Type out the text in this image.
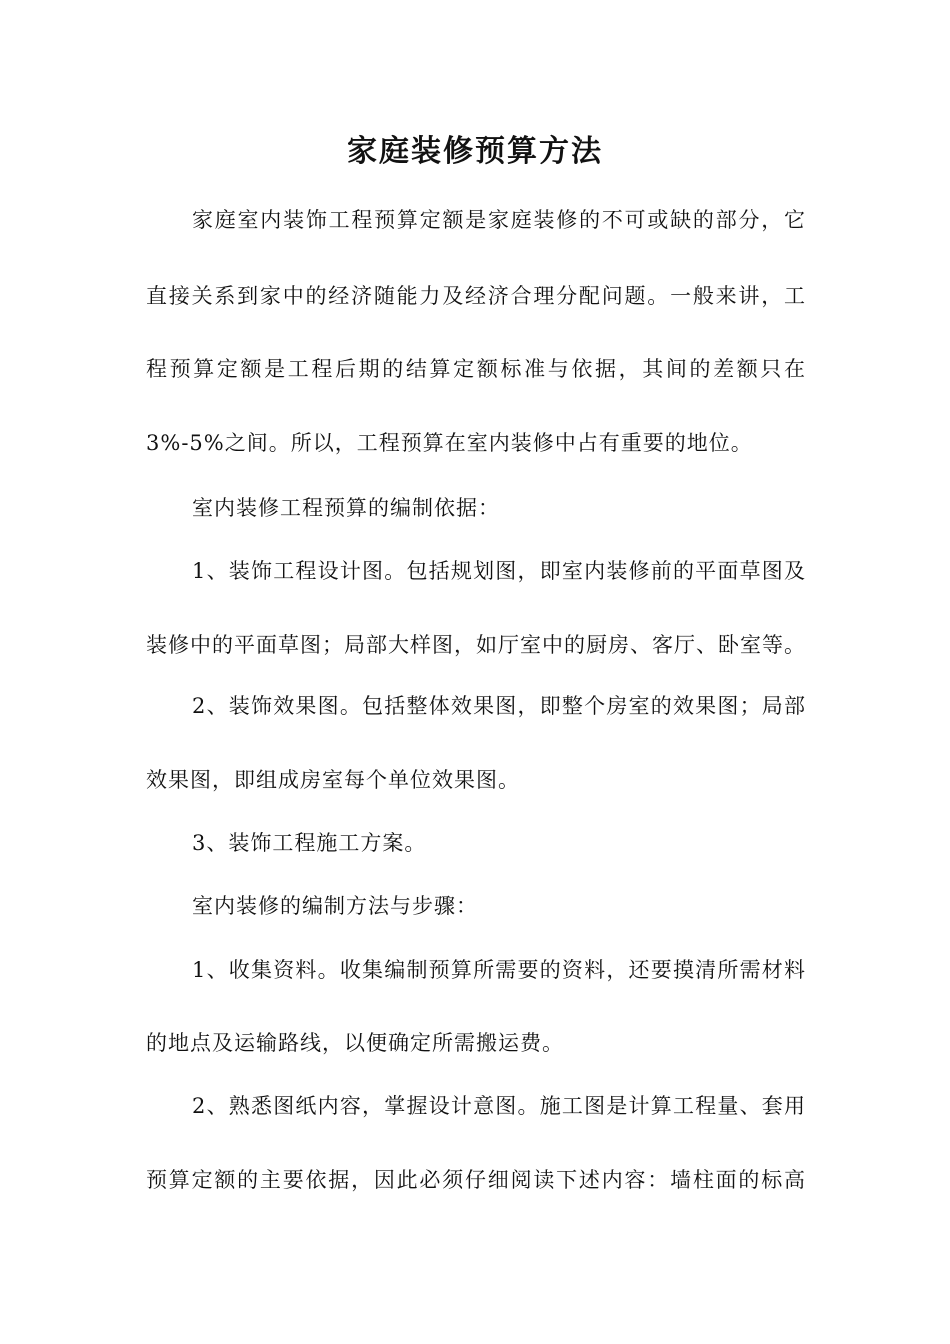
家庭装修预算方法
家庭室内装饰工程预算定额是家庭装修的不可或缺的部分，它
直接关系到家中的经济随能力及经济合理分配问题。一般来讲，工
程预算定额是工程后期的结算定额标准与依据，其间的差额只在
3%-5%之间。所以，工程预算在室内装修中占有重要的地位。
室内装修工程预算的编制依据：
1、装饰工程设计图。包括规划图，即室内装修前的平面草图及
装修中的平面草图；局部大样图，如厅室中的厨房、客厅、卧室等。
2、装饰效果图。包括整体效果图，即整个房室的效果图；局部
效果图，即组成房室每个单位效果图。
3、装饰工程施工方案。
室内装修的编制方法与步骤：
1、收集资料。收集编制预算所需要的资料，还要摸清所需材料
的地点及运输路线，以便确定所需搬运费。
2、熟悉图纸内容，掌握设计意图。施工图是计算工程量、套用
预算定额的主要依据，因此必须仔细阅读下述内容：墙柱面的标高
